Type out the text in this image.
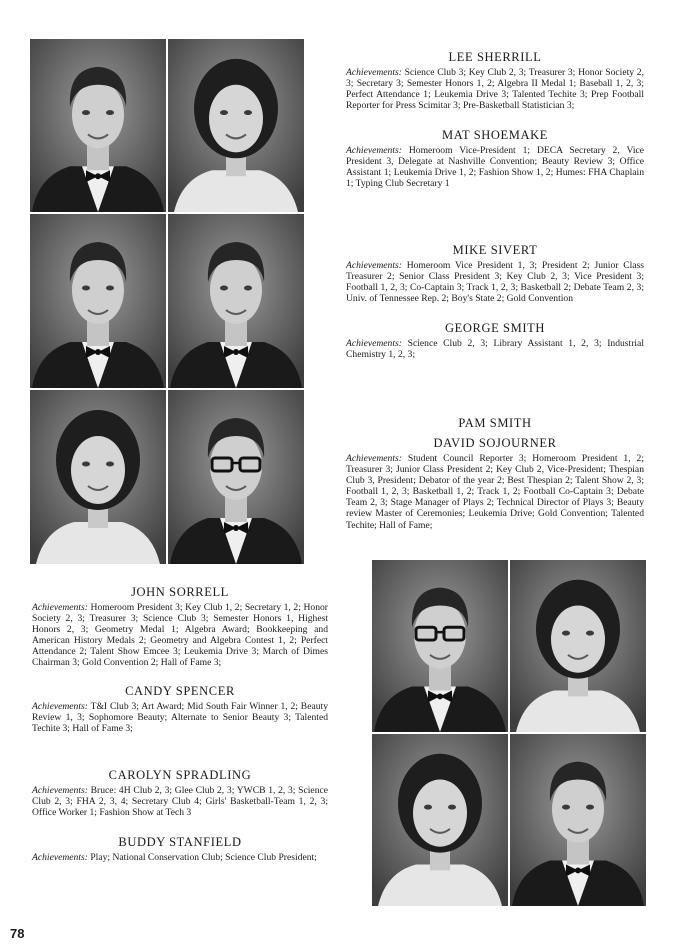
LEE SHERRILL

Achievements: Science Club 3; Key Club 2, 3; Treasurer 3; Honor Society 2, 3; Secretary 3; Semester Honors 1, 2; Algebra II Medal 1; Baseball 1, 2, 3; Perfect Attendance 1; Leukemia Drive 3; Talented Techite 3; Prep Football Reporter for Press Scimitar 3; Pre-Basketball Statistician 3;

MAT SHOEMAKE

Achievements: Homeroom Vice-President 1; DECA Secretary 2, Vice President 3, Delegate at Nashville Convention; Beauty Review 3; Office Assistant 1; Leukemia Drive 1, 2; Fashion Show 1, 2; Humes: FHA Chaplain 1; Typing Club Secretary 1

MIKE SIVERT

Achievements: Homeroom Vice President 1, 3; President 2; Junior Class Treasurer 2; Senior Class President 3; Key Club 2, 3; Vice President 3; Football 1, 2, 3; Co-Captain 3; Track 1, 2, 3; Basketball 2; Debate Team 2, 3; Univ. of Tennessee Rep. 2; Boy's State 2; Gold Convention

GEORGE SMITH

Achievements: Science Club 2, 3; Library Assistant 1, 2, 3; Industrial Chemistry 1, 2, 3;

PAM SMITH
DAVID SOJOURNER

Achievements: Student Council Reporter 3; Homeroom President 1, 2; Treasurer 3; Junior Class President 2; Key Club 2, Vice-President; Thespian Club 3, President; Debator of the year 2; Best Thespian 2; Talent Show 2, 3; Football 1, 2, 3; Basketball 1, 2; Track 1, 2; Football Co-Captain 3; Debate Team 2, 3; Stage Manager of Plays 2; Technical Director of Plays 3; Beauty review Master of Ceremonies; Leukemia Drive; Gold Convention; Talented Techite; Hall of Fame;

JOHN SORRELL

Achievements: Homeroom President 3; Key Club 1, 2; Secretary 1, 2; Honor Society 2, 3; Treasurer 3; Science Club 3; Semester Honors 1, Highest Honors 2, 3; Geometry Medal 1; Algebra Award; Bookkeeping and American History Medals 2; Geometry and Algebra Contest 1, 2; Perfect Attendance 2; Talent Show Emcee 3; Leukemia Drive 3; March of Dimes Chairman 3; Gold Convention 2; Hall of Fame 3;

CANDY SPENCER

Achievements: T&I Club 3; Art Award; Mid South Fair Winner 1, 2; Beauty Review 1, 3; Sophomore Beauty; Alternate to Senior Beauty 3; Talented Techite 3; Hall of Fame 3;

CAROLYN SPRADLING

Achievements: Bruce: 4H Club 2, 3; Glee Club 2, 3; YWCB 1, 2, 3; Science Club 2, 3; FHA 2, 3, 4; Secretary Club 4; Girls' Basketball-Team 1, 2, 3; Office Worker 1; Fashion Show at Tech 3

BUDDY STANFIELD

Achievements: Play; National Conservation Club; Science Club President;

78
